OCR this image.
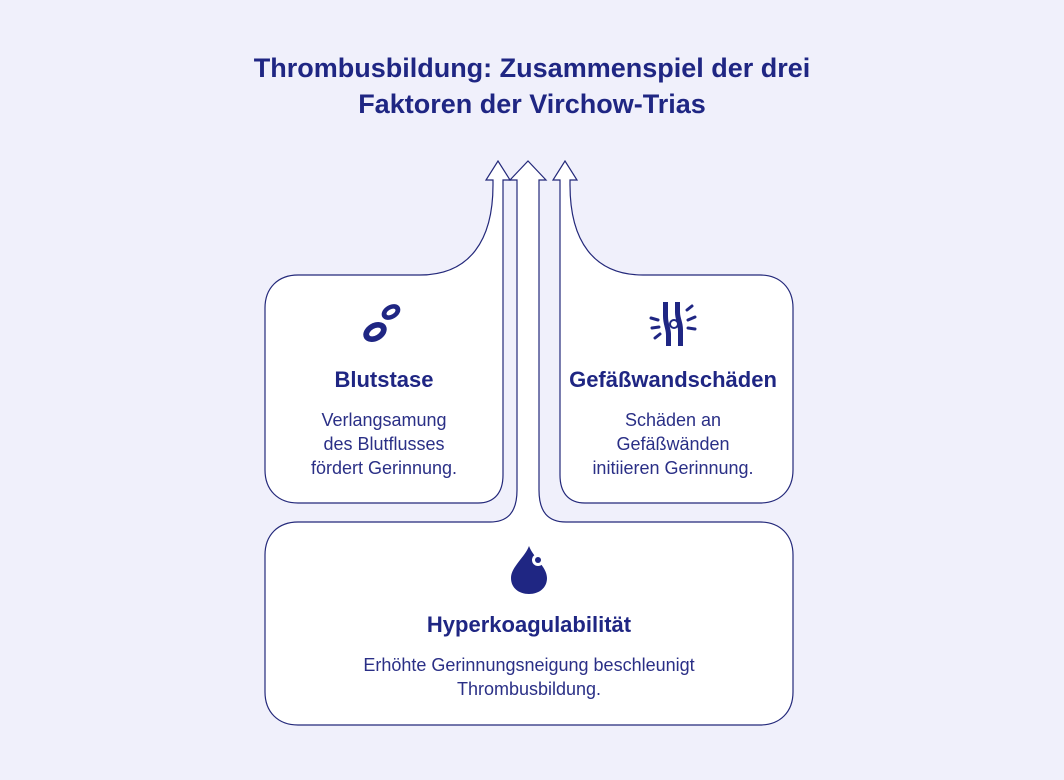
Thrombusbildung: Zusammenspiel der drei
Faktoren der Virchow-Trias
Blutstase
Verlangsamung
des Blutflusses
fördert Gerinnung.
Gefäßwandschäden
Schäden an
Gefäßwänden
initiieren Gerinnung.
Hyperkoagulabilität
Erhöhte Gerinnungsneigung beschleunigt
Thrombusbildung.
